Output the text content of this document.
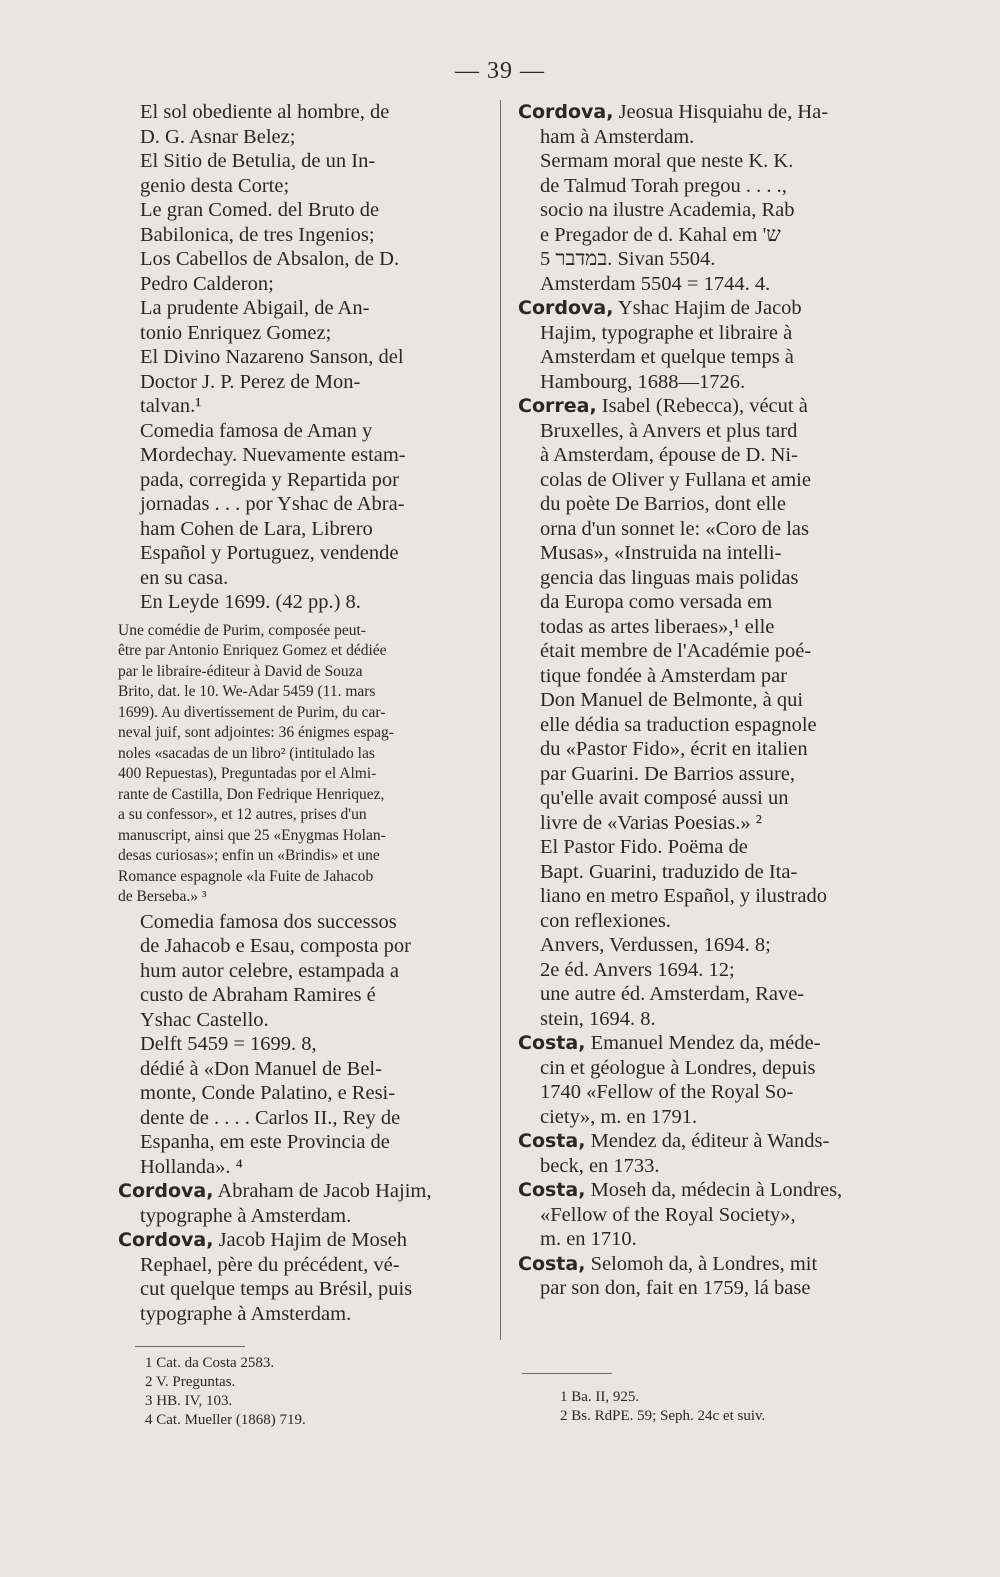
— 39 —
El sol obediente al hombre, de
D. G. Asnar Belez;
El Sitio de Betulia, de un In-
genio desta Corte;
Le gran Comed. del Bruto de
Babilonica, de tres Ingenios;
Los Cabellos de Absalon, de D.
Pedro Calderon;
La prudente Abigail, de An-
tonio Enriquez Gomez;
El Divino Nazareno Sanson, del
Doctor J. P. Perez de Mon-
talvan.¹
Comedia famosa de Aman y
Mordechay. Nuevamente estam-
pada, corregida y Repartida por
jornadas . . . por Yshac de Abra-
ham Cohen de Lara, Librero
Español y Portuguez, vendende
en su casa.
En Leyde 1699. (42 pp.) 8.
Une comédie de Purim, composée peut-
être par Antonio Enriquez Gomez et dédiée
par le libraire-éditeur à David de Souza
Brito, dat. le 10. We-Adar 5459 (11. mars
1699). Au divertissement de Purim, du car-
neval juif, sont adjointes: 36 énigmes espag-
noles «sacadas de un libro² (intitulado las
400 Repuestas), Preguntadas por el Almi-
rante de Castilla, Don Fedrique Henriquez,
a su confessor», et 12 autres, prises d'un
manuscript, ainsi que 25 «Enygmas Holan-
desas curiosas»; enfin un «Brindis» et une
Romance espagnole «la Fuite de Jahacob
de Berseba.» ³
Comedia famosa dos successos
de Jahacob e Esau, composta por
hum autor celebre, estampada a
custo de Abraham Ramires é
Yshac Castello.
Delft 5459 = 1699. 8,
dédié à «Don Manuel de Bel-
monte, Conde Palatino, e Resi-
dente de . . . . Carlos II., Rey de
Espanha, em este Provincia de
Hollanda». ⁴
Cordova, Abraham de Jacob Hajim,
typographe à Amsterdam.
Cordova, Jacob Hajim de Moseh
Rephael, père du précédent, vé-
cut quelque temps au Brésil, puis
typographe à Amsterdam.
Cordova, Jeosua Hisquiahu de, Ha-
ham à Amsterdam.
Sermam moral que neste K. K.
de Talmud Torah pregou . . . .,
socio na ilustre Academia, Rab
e Pregador de d. Kahal em 'ש
במדבר 5. Sivan 5504.
Amsterdam 5504 = 1744. 4.
Cordova, Yshac Hajim de Jacob
Hajim, typographe et libraire à
Amsterdam et quelque temps à
Hambourg, 1688—1726.
Correa, Isabel (Rebecca), vécut à
Bruxelles, à Anvers et plus tard
à Amsterdam, épouse de D. Ni-
colas de Oliver y Fullana et amie
du poète De Barrios, dont elle
orna d'un sonnet le: «Coro de las
Musas», «Instruida na intelli-
gencia das linguas mais polidas
da Europa como versada em
todas as artes liberaes»,¹ elle
était membre de l'Académie poé-
tique fondée à Amsterdam par
Don Manuel de Belmonte, à qui
elle dédia sa traduction espagnole
du «Pastor Fido», écrit en italien
par Guarini. De Barrios assure,
qu'elle avait composé aussi un
livre de «Varias Poesias.» ²
El Pastor Fido. Poëma de
Bapt. Guarini, traduzido de Ita-
liano en metro Español, y ilustrado
con reflexiones.
Anvers, Verdussen, 1694. 8;
2e éd. Anvers 1694. 12;
une autre éd. Amsterdam, Rave-
stein, 1694. 8.
Costa, Emanuel Mendez da, méde-
cin et géologue à Londres, depuis
1740 «Fellow of the Royal So-
ciety», m. en 1791.
Costa, Mendez da, éditeur à Wands-
beck, en 1733.
Costa, Moseh da, médecin à Londres,
«Fellow of the Royal Society»,
m. en 1710.
Costa, Selomoh da, à Londres, mit
par son don, fait en 1759, lá base
1 Cat. da Costa 2583.
2 V. Preguntas.
3 HB. IV, 103.
4 Cat. Mueller (1868) 719.
1 Ba. II, 925.
2 Bs. RdPE. 59; Seph. 24c et suiv.
